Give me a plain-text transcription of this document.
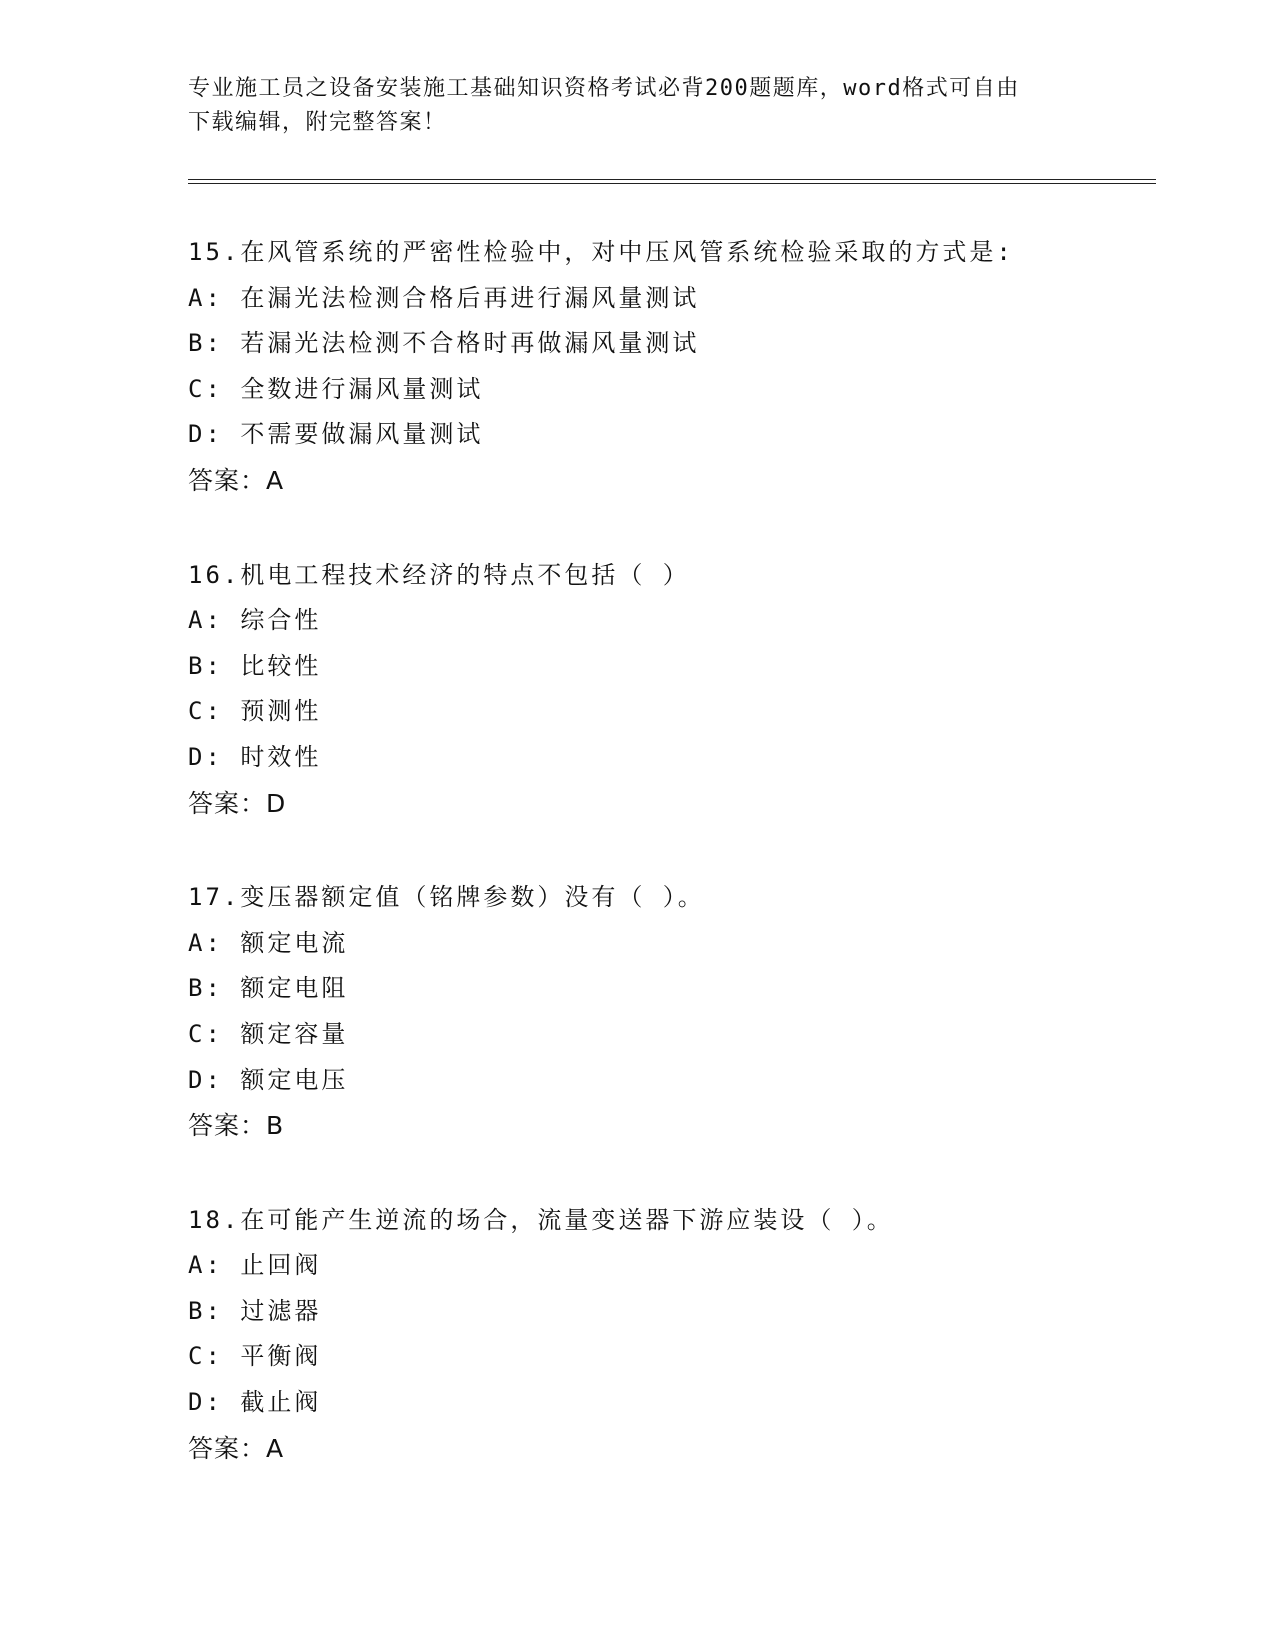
专业施工员之设备安装施工基础知识资格考试必背200题题库，word格式可自由
下载编辑，附完整答案！
15.在风管系统的严密性检验中，对中压风管系统检验采取的方式是:
A: 在漏光法检测合格后再进行漏风量测试
B: 若漏光法检测不合格时再做漏风量测试
C: 全数进行漏风量测试
D: 不需要做漏风量测试
答案：A
16.机电工程技术经济的特点不包括（ ）
A: 综合性
B: 比较性
C: 预测性
D: 时效性
答案：D
17.变压器额定值（铭牌参数）没有（ ）。
A: 额定电流
B: 额定电阻
C: 额定容量
D: 额定电压
答案：B
18.在可能产生逆流的场合，流量变送器下游应装设（ ）。
A: 止回阀
B: 过滤器
C: 平衡阀
D: 截止阀
答案：A
